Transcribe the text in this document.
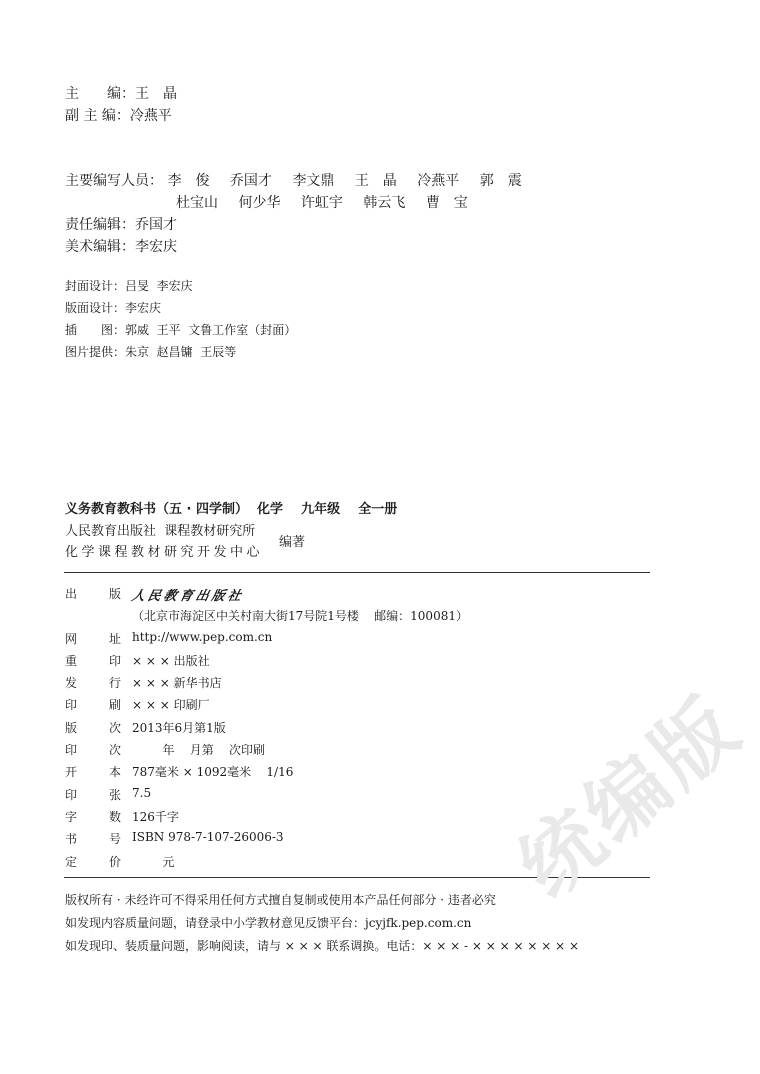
主　　编：王　晶
副 主 编：冷燕平
主要编写人员： 李　俊 乔国才 李文鼎 王　晶 冷燕平 郭　震
杜宝山 何少华 许虹宇 韩云飞 曹　宝
责任编辑：乔国才
美术编辑：李宏庆
封面设计：吕旻  李宏庆
版面设计：李宏庆
插　　图：郭威  王平  文鲁工作室（封面）
图片提供：朱京  赵昌镛  王辰等
义务教育教科书（五 · 四学制）  化学    九年级    全一册
人民教育出版社  课程教材研究所
化学课程教材研究开发中心
编著
出	版 人民教育出版社
（北京市海淀区中关村南大街17号院1号楼    邮编：100081）
网	址 http://www.pep.com.cn
重	印 × × × 出版社
发	行 × × × 新华书店
印	刷 × × × 印刷厂
版	次 2013年6月第1版
印	次 年    月第    次印刷
开	本 787毫米 × 1092毫米    1/16
印	张 7.5
字	数 126千字
书	号 ISBN 978-7-107-26006-3
定	价 元
版权所有 · 未经许可不得采用任何方式擅自复制或使用本产品任何部分 · 违者必究
如发现内容质量问题，请登录中小学教材意见反馈平台：jcyjfk.pep.com.cn
如发现印、装质量问题，影响阅读，请与 × × × 联系调换。电话：× × × - × × × × × × × ×
统编版
